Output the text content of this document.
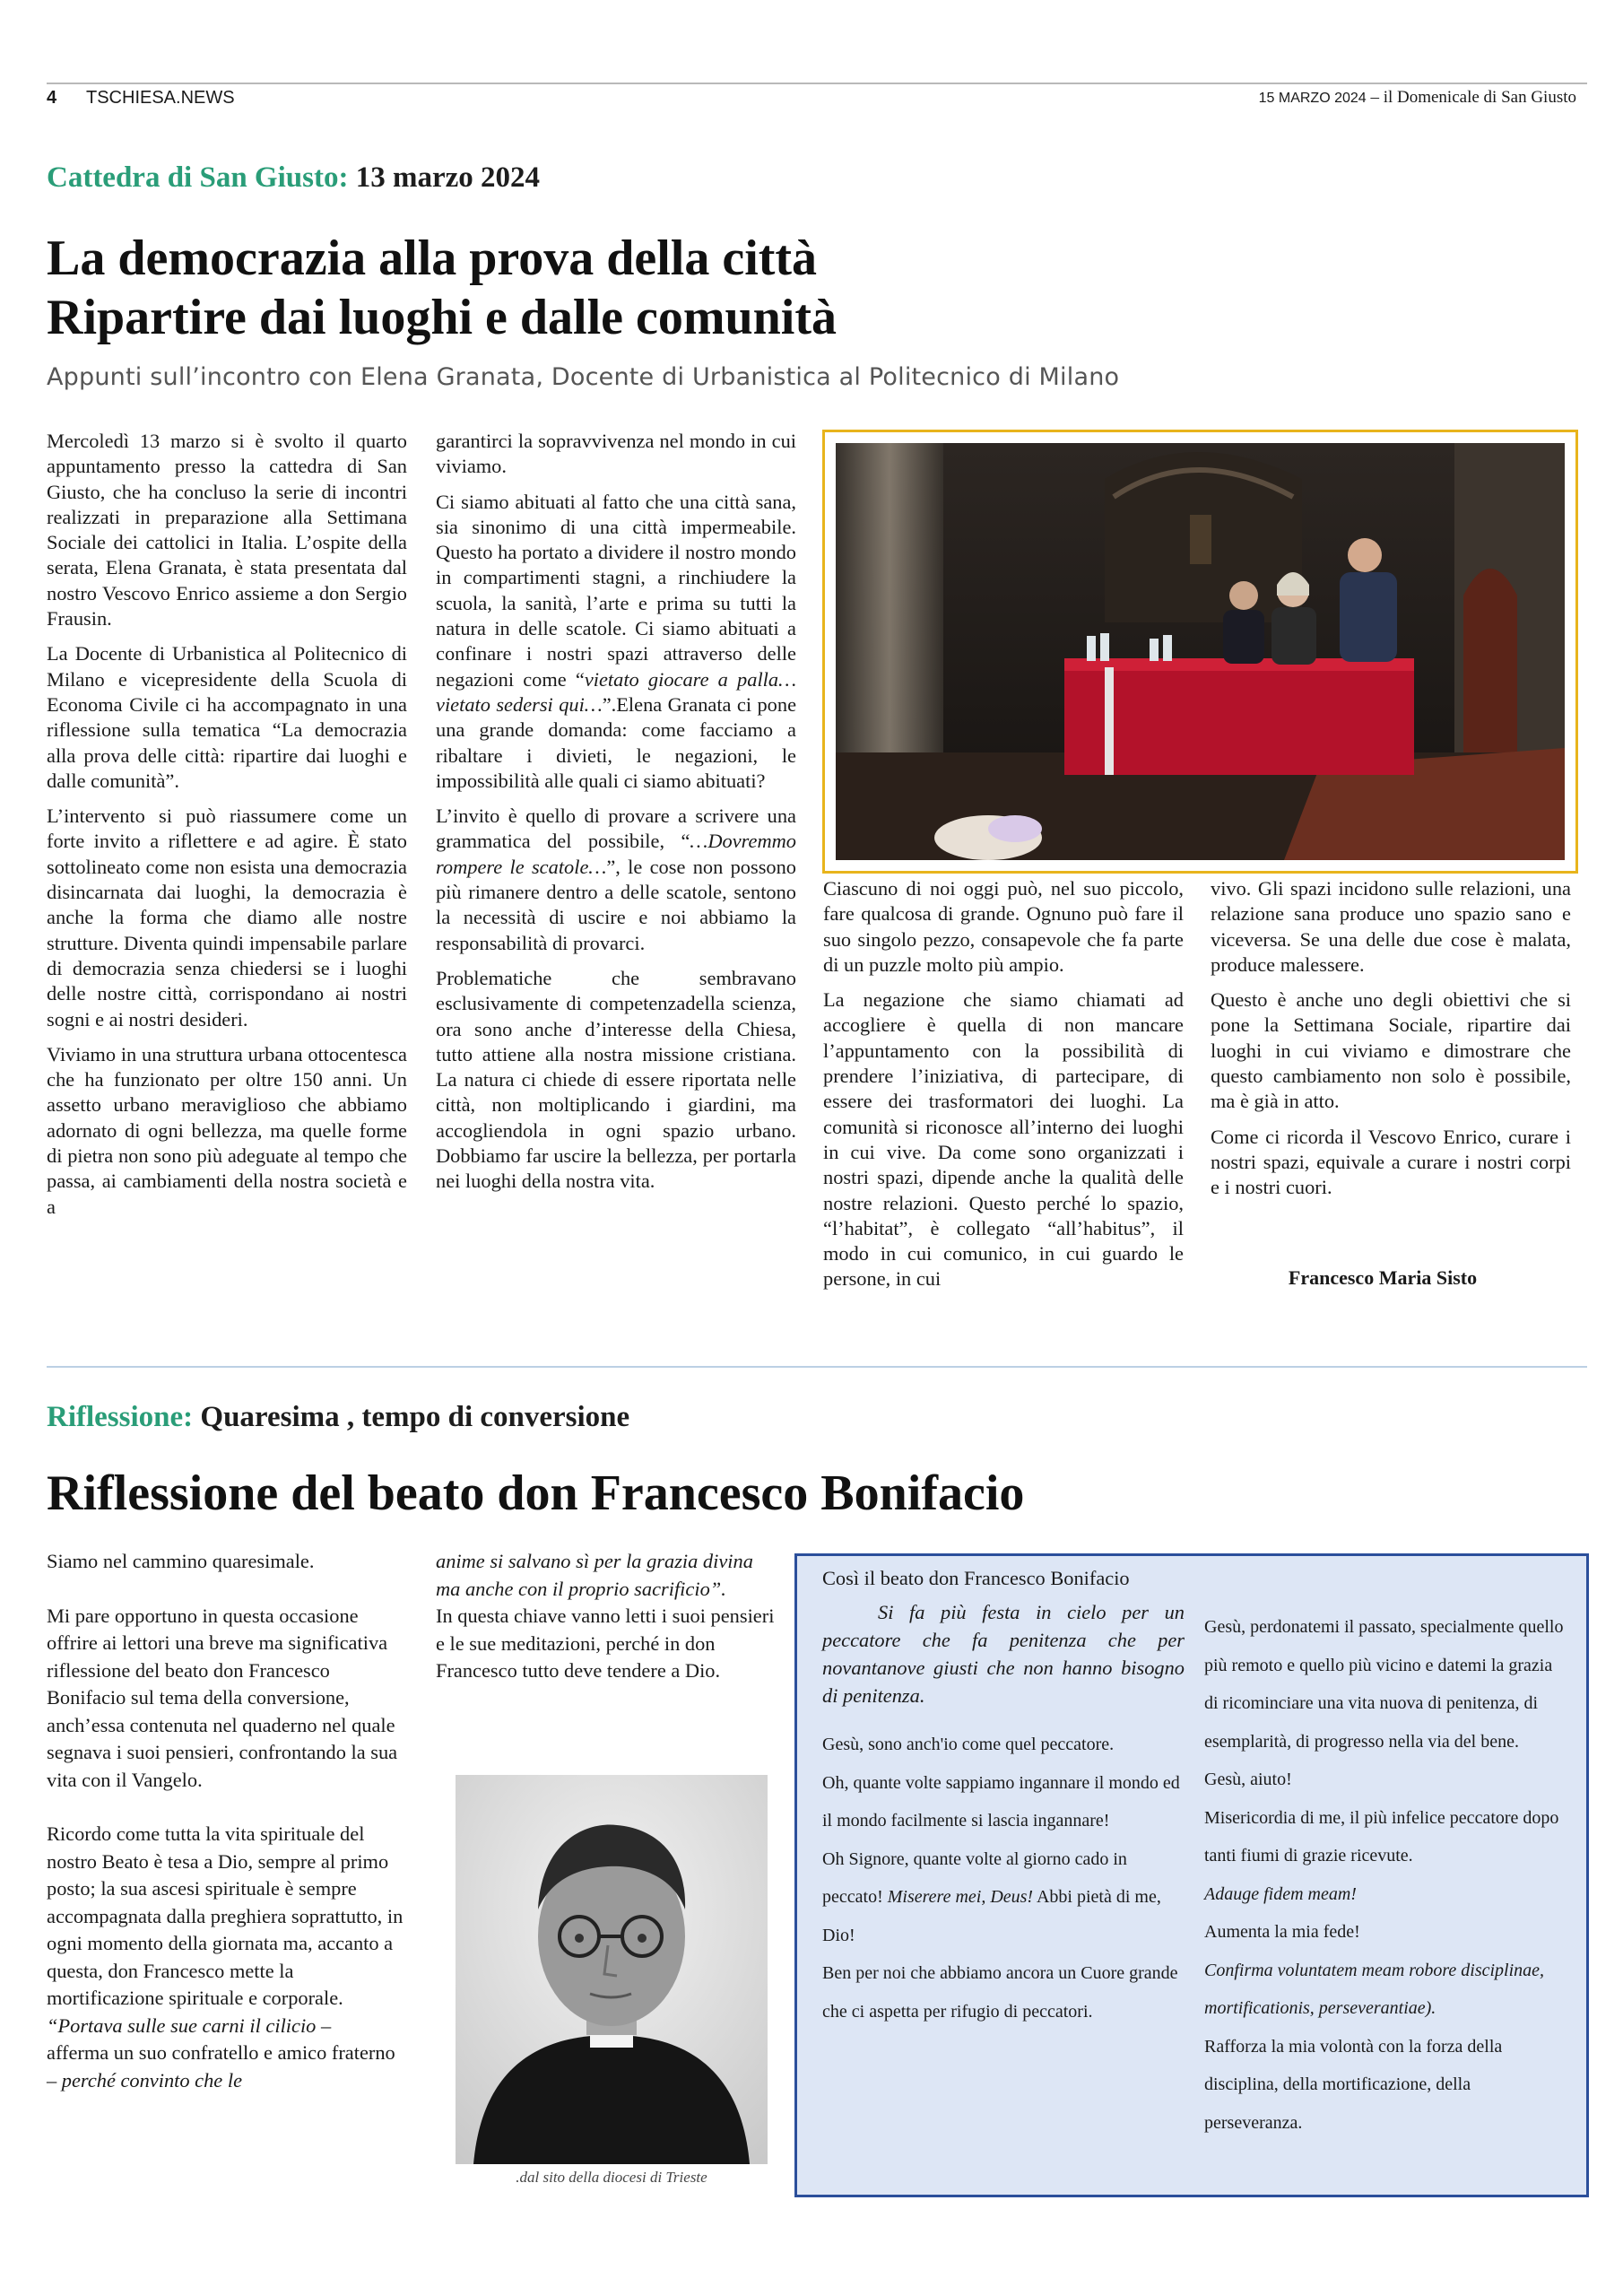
4 TSCHIESA.NEWS	15 MARZO 2024 – il Domenicale di San Giusto
Cattedra di San Giusto: 13 marzo 2024
La democrazia alla prova della città
Ripartire dai luoghi e dalle comunità
Appunti sull’incontro con Elena Granata, Docente di Urbanistica al Politecnico di Milano

Mercoledì 13 marzo si è svolto il quarto appuntamento presso la cattedra di San Giusto, che ha concluso la serie di incontri realizzati in preparazione alla Settimana Sociale dei cattolici in Italia. L’ospite della serata, Elena Granata, è stata presentata dal nostro Vescovo Enrico assieme a don Sergio Frausin.

La Docente di Urbanistica al Politecnico di Milano e vicepresidente della Scuola di Economa Civile ci ha accompagnato in una riflessione sulla tematica “La democrazia alla prova delle città: ripartire dai luoghi e dalle comunità”.

L’intervento si può riassumere come un forte invito a riflettere e ad agire. È stato sottolineato come non esista una democrazia disincarnata dai luoghi, la democrazia è anche la forma che diamo alle nostre strutture. Diventa quindi impensabile parlare di democrazia senza chiedersi se i luoghi delle nostre città, corrispondano ai nostri sogni e ai nostri desideri.

Viviamo in una struttura urbana ottocentesca che ha funzionato per oltre 150 anni. Un assetto urbano meraviglioso che abbiamo adornato di ogni bellezza, ma quelle forme di pietra non sono più adeguate al tempo che passa, ai cambiamenti della nostra società e a

garantirci la sopravvivenza nel mondo in cui viviamo.

Ci siamo abituati al fatto che una città sana, sia sinonimo di una città impermeabile. Questo ha portato a dividere il nostro mondo in compartimenti stagni, a rinchiudere la scuola, la sanità, l’arte e prima su tutti la natura in delle scatole. Ci siamo abituati a confinare i nostri spazi attraverso delle negazioni come “vietato giocare a palla…vietato sedersi qui…”.Elena Granata ci pone una grande domanda: come facciamo a ribaltare i divieti, le negazioni, le impossibilità alle quali ci siamo abituati?

L’invito è quello di provare a scrivere una grammatica del possibile, “…Dovremmo rompere le scatole…”, le cose non possono più rimanere dentro a delle scatole, sentono la necessità di uscire e noi abbiamo la responsabilità di provarci.

Problematiche che sembravano esclusivamente di competenzadella scienza, ora sono anche d’interesse della Chiesa, tutto attiene alla nostra missione cristiana. La natura ci chiede di essere riportata nelle città, non moltiplicando i giardini, ma accogliendola in ogni spazio urbano. Dobbiamo far uscire la bellezza, per portarla nei luoghi della nostra vita.

Ciascuno di noi oggi può, nel suo piccolo, fare qualcosa di grande. Ognuno può fare il suo singolo pezzo, consapevole che fa parte di un puzzle molto più ampio.

La negazione che siamo chiamati ad accogliere è quella di non mancare l’appuntamento con la possibilità di prendere l’iniziativa, di partecipare, di essere dei trasformatori dei luoghi. La comunità si riconosce all’interno dei luoghi in cui vive. Da come sono organizzati i nostri spazi, dipende anche la qualità delle nostre relazioni. Questo perché lo spazio, “l’habitat”, è collegato “all’habitus”, il modo in cui comunico, in cui guardo le persone, in cui

vivo. Gli spazi incidono sulle relazioni, una relazione sana produce uno spazio sano e viceversa. Se una delle due cose è malata, produce malessere.

Questo è anche uno degli obiettivi che si pone la Settimana Sociale, ripartire dai luoghi in cui viviamo e dimostrare che questo cambiamento non solo è possibile, ma è già in atto.

Come ci ricorda il Vescovo Enrico, curare i nostri spazi, equivale a curare i nostri corpi e i nostri cuori.

Francesco Maria Sisto
Riflessione: Quaresima , tempo di conversione
Riflessione del beato don Francesco Bonifacio

Siamo nel cammino quaresimale.

Mi pare opportuno in questa occasione offrire ai lettori una breve ma significativa riflessione del beato don Francesco Bonifacio sul tema della conversione, anch’essa contenuta nel quaderno nel quale segnava i suoi pensieri, confrontando la sua vita con il Vangelo.

Ricordo come tutta la vita spirituale del nostro Beato è tesa a Dio, sempre al primo posto; la sua ascesi spirituale è sempre accompagnata dalla preghiera soprattutto, in ogni momento della giornata ma, accanto a questa, don Francesco mette la mortificazione spirituale e corporale.

“Portava sulle sue carni il cilicio –
afferma un suo confratello e amico fraterno – perché convinto che le

anime si salvano sì per la grazia divina ma anche con il proprio sacrificio”.

In questa chiave vanno letti i suoi pensieri e le sue meditazioni, perché in don Francesco tutto deve tendere a Dio.

.dal sito della diocesi di Trieste
Così il beato don Francesco Bonifacio
Si fa più festa in cielo per un peccatore che fa penitenza che per novantanove giusti che non hanno bisogno di penitenza.
Gesù, sono anch'io come quel peccatore.
Oh, quante volte sappiamo ingannare il mondo ed il mondo facilmente si lascia ingannare!
Oh Signore, quante volte al giorno cado in peccato! Miserere mei, Deus! Abbi pietà di me, Dio!
Ben per noi che abbiamo ancora un Cuore grande che ci aspetta per rifugio di peccatori.
Gesù, perdonatemi il passato, specialmente quello più remoto e quello più vicino e datemi la grazia di ricominciare una vita nuova di penitenza, di esemplarità, di progresso nella via del bene.
Gesù, aiuto!
Misericordia di me, il più infelice peccatore dopo tanti fiumi di grazie ricevute.
Adauge fidem meam!
Aumenta la mia fede!
Confirma voluntatem meam robore disciplinae, mortificationis, perseverantiae).
Rafforza la mia volontà con la forza della disciplina, della mortificazione, della perseveranza.
